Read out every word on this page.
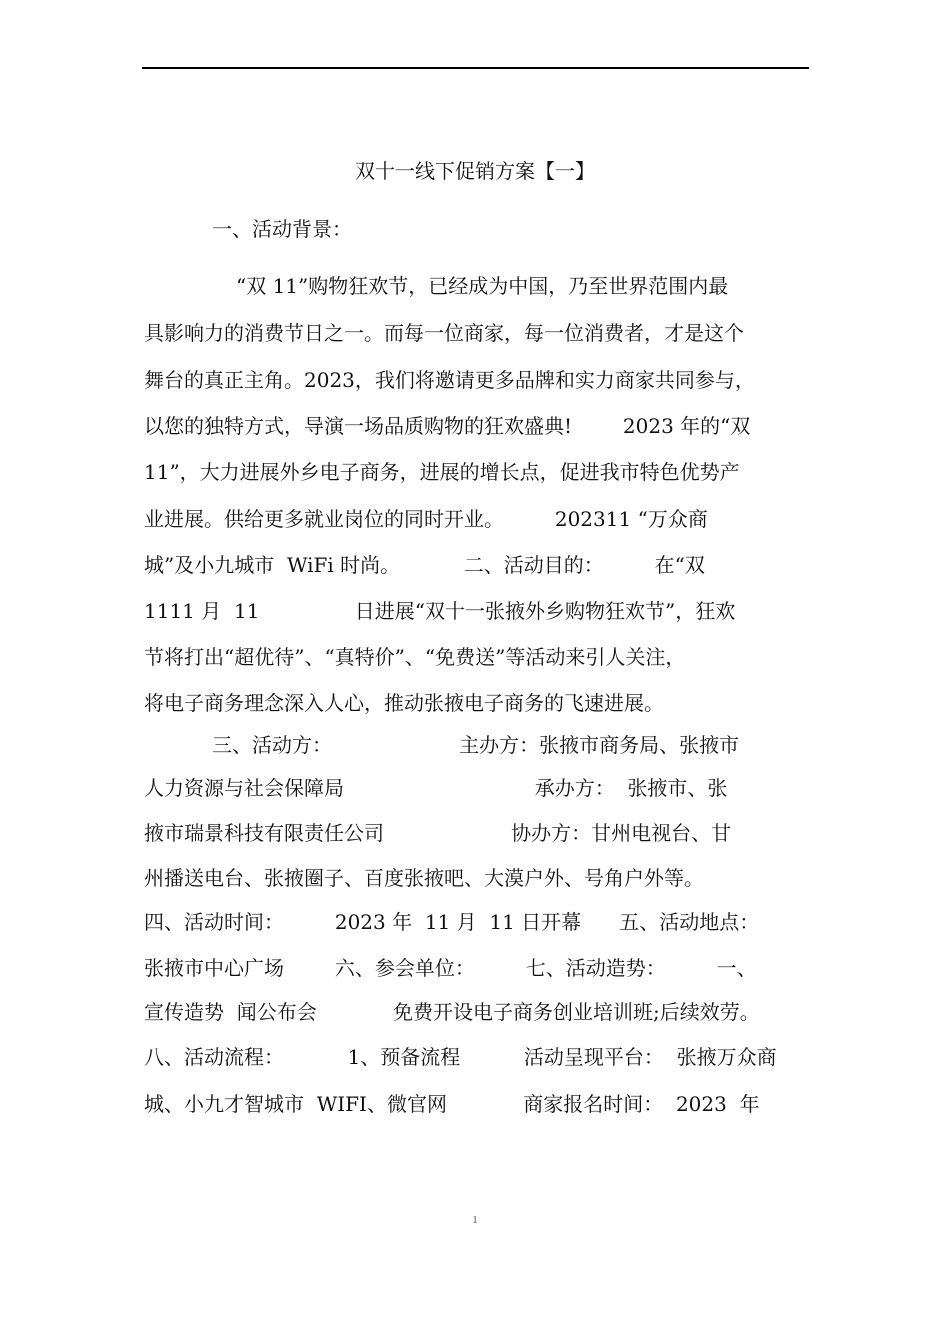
双十一线下促销方案【一】
一、活动背景：
“双 11”购物狂欢节，已经成为中国，乃至世界范围内最
具影响力的消费节日之一。而每一位商家，每一位消费者，才是这个
舞台的真正主角。2023，我们将邀请更多品牌和实力商家共同参与，
以您的独特方式，导演一场品质购物的狂欢盛典!        2023 年的“双
11”，大力进展外乡电子商务，进展的增长点，促进我市特色优势产
业进展。供给更多就业岗位的同时开业。        202311 “万众商
城”及小九城市  WiFi 时尚。          二、活动目的：        在“双
1111 月  11               日进展“双十一张掖外乡购物狂欢节”，狂欢
节将打出“超优待”、“真特价”、“免费送”等活动来引人关注，
将电子商务理念深入人心，推动张掖电子商务的飞速进展。
三、活动方：                    主办方：张掖市商务局、张掖市
人力资源与社会保障局                              承办方：  张掖市、张
掖市瑞景科技有限责任公司                    协办方：甘州电视台、甘
州播送电台、张掖圈子、百度张掖吧、大漠户外、号角户外等。
四、活动时间：        2023 年  11 月  11 日开幕      五、活动地点：
张掖市中心广场        六、参会单位：        七、活动造势：        一、
宣传造势  闻公布会            免费开设电子商务创业培训班;后续效劳。
八、活动流程：          1、预备流程          活动呈现平台：  张掖万众商
城、小九才智城市  WIFI、微官网            商家报名时间：  2023  年
1
